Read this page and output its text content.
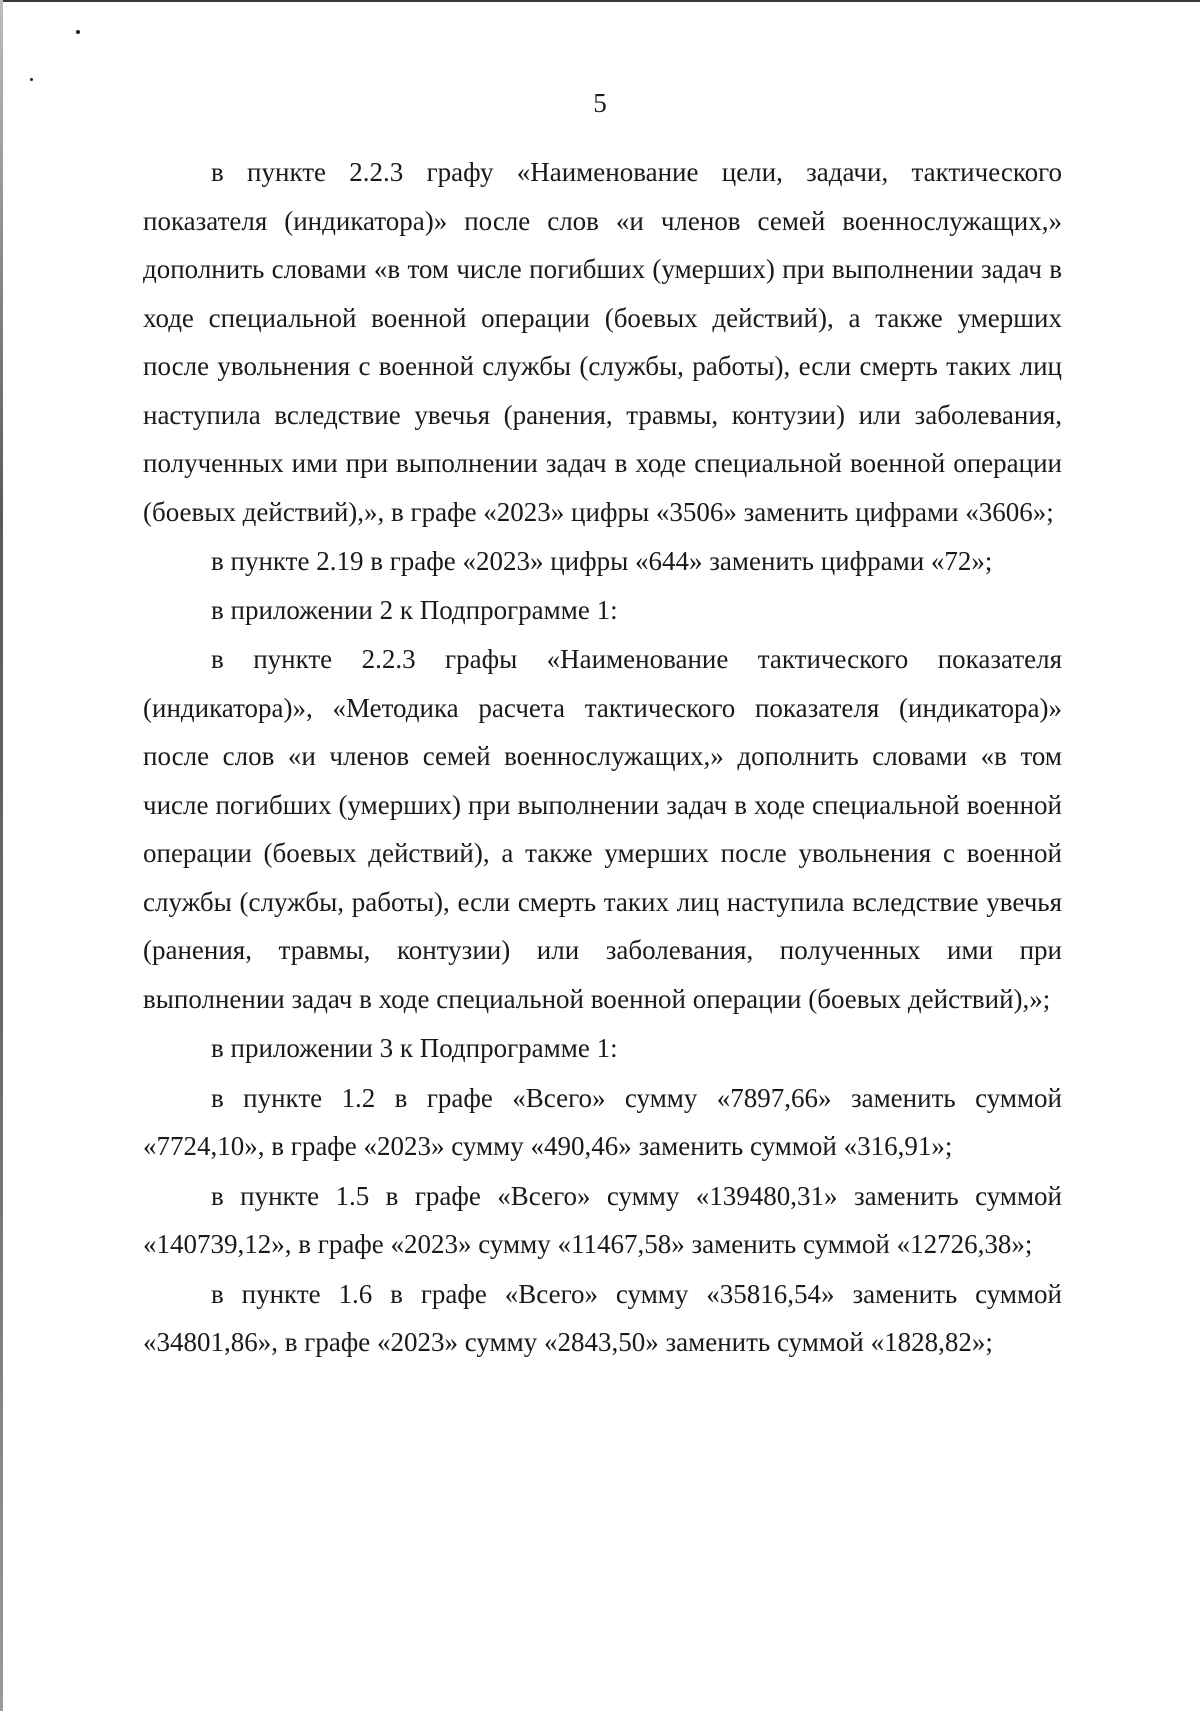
5

в пункте 2.2.3 графу «Наименование цели, задачи, тактического показателя (индикатора)» после слов «и членов семей военнослужащих,» дополнить словами «в том числе погибших (умерших) при выполнении задач в ходе специальной военной операции (боевых действий), а также умерших после увольнения с военной службы (службы, работы), если смерть таких лиц наступила вследствие увечья (ранения, травмы, контузии) или заболевания, полученных ими при выполнении задач в ходе специальной военной операции (боевых действий),», в графе «2023» цифры «3506» заменить цифрами «3606»;

в пункте 2.19 в графе «2023» цифры «644» заменить цифрами «72»;

в приложении 2 к Подпрограмме 1:

в пункте 2.2.3 графы «Наименование тактического показателя (индикатора)», «Методика расчета тактического показателя (индикатора)» после слов «и членов семей военнослужащих,» дополнить словами «в том числе погибших (умерших) при выполнении задач в ходе специальной военной операции (боевых действий), а также умерших после увольнения с военной службы (службы, работы), если смерть таких лиц наступила вследствие увечья (ранения, травмы, контузии) или заболевания, полученных ими при выполнении задач в ходе специальной военной операции (боевых действий),»;

в приложении 3 к Подпрограмме 1:

в пункте 1.2 в графе «Всего» сумму «7897,66» заменить суммой «7724,10», в графе «2023» сумму «490,46» заменить суммой «316,91»;

в пункте 1.5 в графе «Всего» сумму «139480,31» заменить суммой «140739,12», в графе «2023» сумму «11467,58» заменить суммой «12726,38»;

в пункте 1.6 в графе «Всего» сумму «35816,54» заменить суммой «34801,86», в графе «2023» сумму «2843,50» заменить суммой «1828,82»;
